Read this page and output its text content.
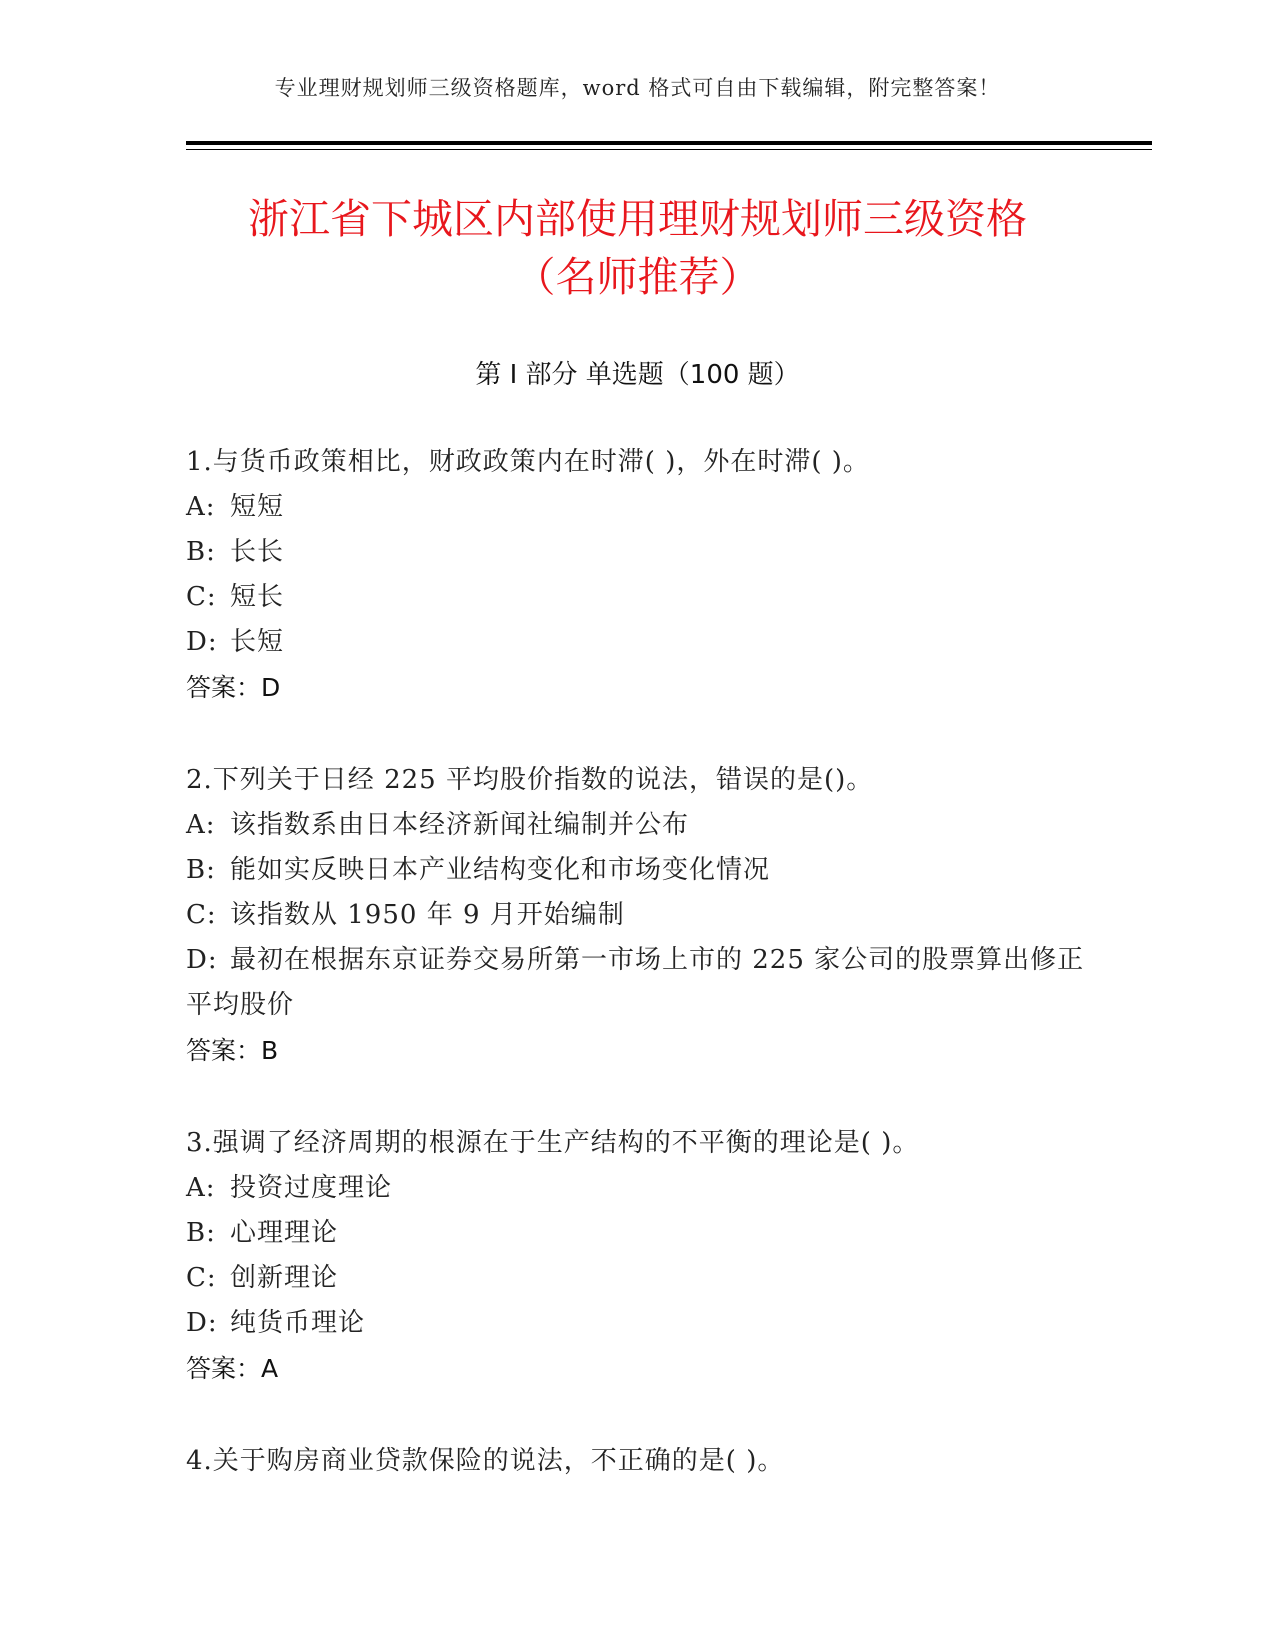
专业理财规划师三级资格题库，word 格式可自由下载编辑，附完整答案！
浙江省下城区内部使用理财规划师三级资格
（名师推荐）
第 I 部分 单选题（100 题）
1.与货币政策相比，财政政策内在时滞( )，外在时滞( )。
A: 短短
B: 长长
C: 短长
D: 长短
答案：D
2.下列关于日经 225 平均股价指数的说法，错误的是()。
A: 该指数系由日本经济新闻社编制并公布
B: 能如实反映日本产业结构变化和市场变化情况
C: 该指数从 1950 年 9 月开始编制
D: 最初在根据东京证券交易所第一市场上市的 225 家公司的股票算出修正平均股价
答案：B
3.强调了经济周期的根源在于生产结构的不平衡的理论是( )。
A: 投资过度理论
B: 心理理论
C: 创新理论
D: 纯货币理论
答案：A
4.关于购房商业贷款保险的说法，不正确的是( )。
